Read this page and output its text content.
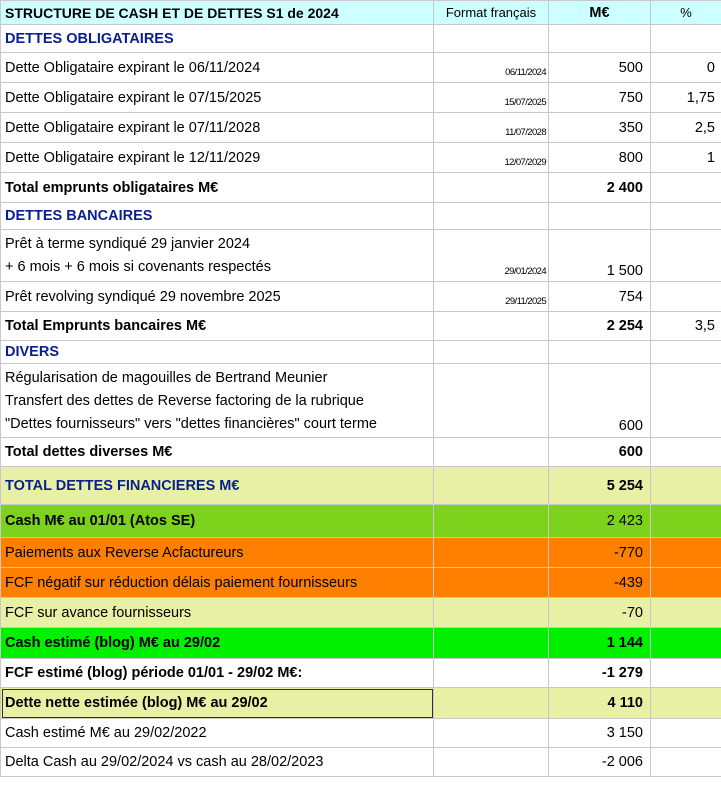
STRUCTURE DE CASH ET DE DETTES S1 de 2024	Format français	M€	%
DETTES OBLIGATAIRES			
Dette Obligataire expirant le 06/11/2024	06/11/2024	500	0
Dette Obligataire expirant le 07/15/2025	15/07/2025	750	1,75
Dette Obligataire expirant le 07/11/2028	11/07/2028	350	2,5
Dette Obligataire expirant le 12/11/2029	12/07/2029	800	1
Total emprunts obligataires M€		2 400	
DETTES BANCAIRES			

Prêt à terme syndiqué 29 janvier 2024
+ 6 mois + 6 mois si covenants respectés	29/01/2024	1 500	
Prêt revolving syndiqué 29 novembre 2025	29/11/2025	754	
Total Emprunts bancaires M€		2 254	3,5
DIVERS			

Régularisation de magouilles de Bertrand Meunier
Transfert des dettes de Reverse factoring de la rubrique
"Dettes fournisseurs" vers "dettes financières" court terme		600	
Total dettes diverses M€		600	
TOTAL DETTES FINANCIERES M€		5 254	
Cash M€ au 01/01 (Atos SE)		2 423	
Paiements aux Reverse Acfactureurs		-770	
FCF négatif sur réduction délais paiement fournisseurs		-439	
FCF sur avance fournisseurs		-70	
Cash estimé (blog) M€ au 29/02		1 144	
FCF estimé (blog) période 01/01 - 29/02 M€:		-1 279	
Dette nette estimée (blog) M€ au 29/02		4 110	
Cash estimé M€ au 29/02/2022		3 150	
Delta Cash au 29/02/2024 vs cash au 28/02/2023		-2 006	
